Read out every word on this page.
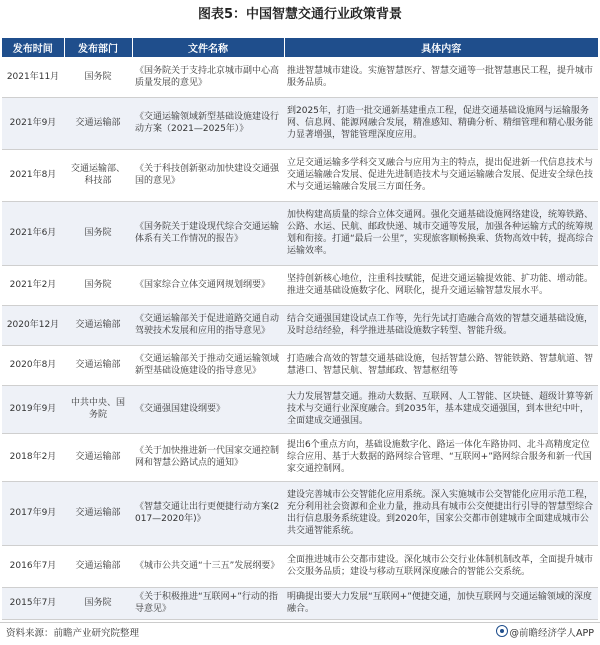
图表5：中国智慧交通行业政策背景
发布时间	发布部门	文件名称	具体内容
2021年11月	国务院	《国务院关于支持北京城市副中心高质量发展的意见》	推进智慧城市建设。实施智慧医疗、智慧交通等一批智慧惠民工程，提升城市服务品质。
2021年9月	交通运输部	《交通运输领域新型基础设施建设行动方案（2021—2025年）》	到2025年，打造一批交通新基建重点工程，促进交通基础设施网与运输服务网、信息网、能源网融合发展，精准感知、精确分析、精细管理和精心服务能力显著增强，智能管理深度应用。
2021年8月	交通运输部、科技部	《关于科技创新驱动加快建设交通强国的意见》	立足交通运输多学科交叉融合与应用为主的特点，提出促进新一代信息技术与交通运输融合发展、促进先进制造技术与交通运输融合发展、促进安全绿色技术与交通运输融合发展三方面任务。
2021年6月	国务院	《国务院关于建设现代综合交通运输体系有关工作情况的报告》	加快构建高质量的综合立体交通网。强化交通基础设施网络建设，统筹铁路、公路、水运、民航、邮政快递、城市交通等发展，加强各种运输方式的统筹规划和衔接。打通“最后一公里”，实现旅客顺畅换乘、货物高效中转，提高综合运输效率。
2021年2月	国务院	《国家综合立体交通网规划纲要》	坚持创新核心地位，注重科技赋能，促进交通运输提效能、扩功能、增动能。推进交通基础设施数字化、网联化，提升交通运输智慧发展水平。
2020年12月	交通运输部	《交通运输部关于促进道路交通自动驾驶技术发展和应用的指导意见》	结合交通强国建设试点工作等，先行先试打造融合高效的智慧交通基础设施，及时总结经验，科学推进基础设施数字转型、智能升级。
2020年8月	交通运输部	《交通运输部关于推动交通运输领域新型基础设施建设的指导意见》	打造融合高效的智慧交通基础设施，包括智慧公路、智能铁路、智慧航道、智慧港口、智慧民航、智慧邮政、智慧枢纽等
2019年9月	中共中央、国务院	《交通强国建设纲要》	大力发展智慧交通。推动大数据、互联网、人工智能、区块链、超级计算等新技术与交通行业深度融合。到2035年，基本建成交通强国，到本世纪中叶，全面建成交通强国。
2018年2月	交通运输部	《关于加快推进新一代国家交通控制网和智慧公路试点的通知》	提出6个重点方向，基础设施数字化、路运一体化车路协同、北斗高精度定位综合应用、基于大数据的路网综合管理、“互联网+”路网综合服务和新一代国家交通控制网。
2017年9月	交通运输部	《智慧交通让出行更便捷行动方案(2017—2020年)》	建设完善城市公交智能化应用系统。深入实施城市公交智能化应用示范工程，充分利用社会资源和企业力量，推动具有城市公交便捷出行引导的智慧型综合出行信息服务系统建设。到2020年，国家公交都市创建城市全面建成城市公共交通智能系统。
2016年7月	交通运输部	《城市公共交通“十三五”发展纲要》	全面推进城市公交都市建设。深化城市公交行业体制机制改革，全面提升城市公交服务品质；建设与移动互联网深度融合的智能公交系统。
2015年7月	国务院	《关于积极推进“互联网+”行动的指导意见》	明确提出要大力发展“互联网+”便捷交通，加快互联网与交通运输领域的深度融合。
资料来源：前瞻产业研究院整理	@前瞻经济学人APP
